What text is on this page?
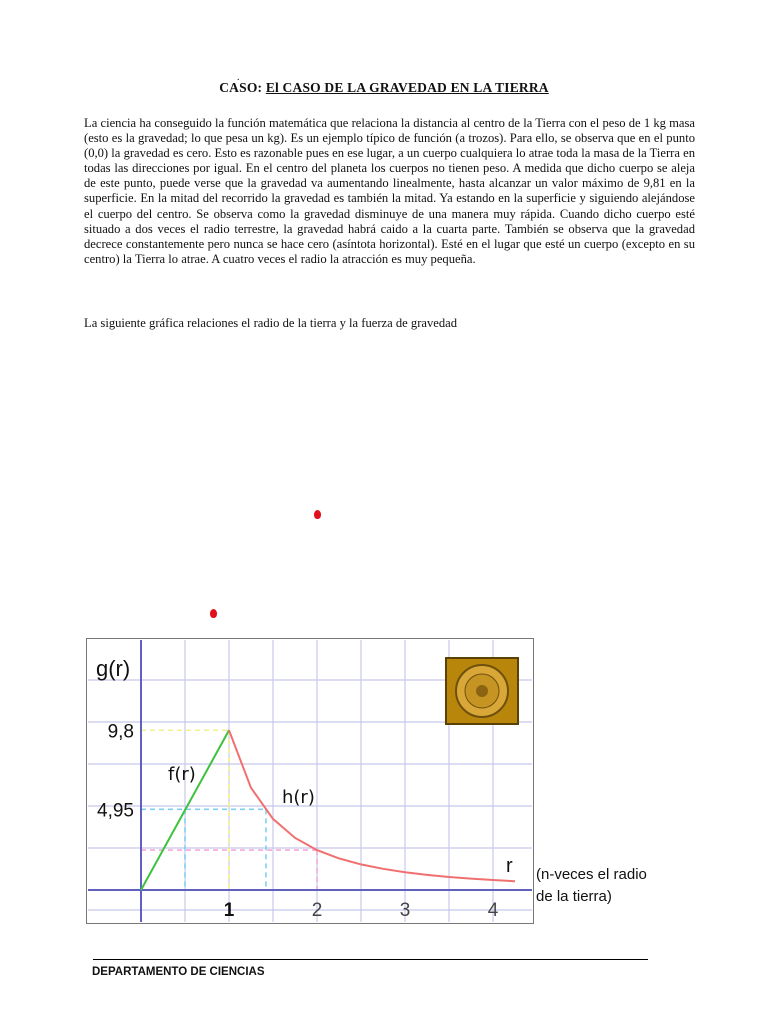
.
CASO: El CASO DE LA GRAVEDAD EN LA TIERRA
La ciencia ha conseguido la función matemática que relaciona la distancia al centro de la Tierra con el peso de 1 kg masa (esto es la gravedad; lo que pesa un kg). Es un ejemplo típico de función (a trozos). Para ello, se observa que en el punto (0,0) la gravedad es cero. Esto es razonable pues en ese lugar, a un cuerpo cualquiera lo atrae toda la masa de la Tierra en todas las direcciones por igual. En el centro del planeta los cuerpos no tienen peso. A medida que dicho cuerpo se aleja de este punto, puede verse que la gravedad va aumentando linealmente, hasta alcanzar un valor máximo de 9,81 en la superficie. En la mitad del recorrido la gravedad es también la mitad. Ya estando en la superficie y siguiendo alejándose el cuerpo del centro. Se observa como la gravedad disminuye de una manera muy rápida. Cuando dicho cuerpo esté situado a dos veces el radio terrestre, la gravedad habrá caido a la cuarta parte. También se observa que la gravedad decrece constantemente pero nunca se hace cero (asíntota horizontal). Esté en el lugar que esté un cuerpo (excepto en su centro) la Tierra lo atrae. A cuatro veces el radio la atracción es muy pequeña.
La siguiente gráfica relaciones el radio de la tierra y la fuerza de gravedad
9,8
4,95
1	2	3	4
g(r)
r
f(r)
h(r)
(n-veces el radio
de la tierra)
DEPARTAMENTO DE CIENCIAS
